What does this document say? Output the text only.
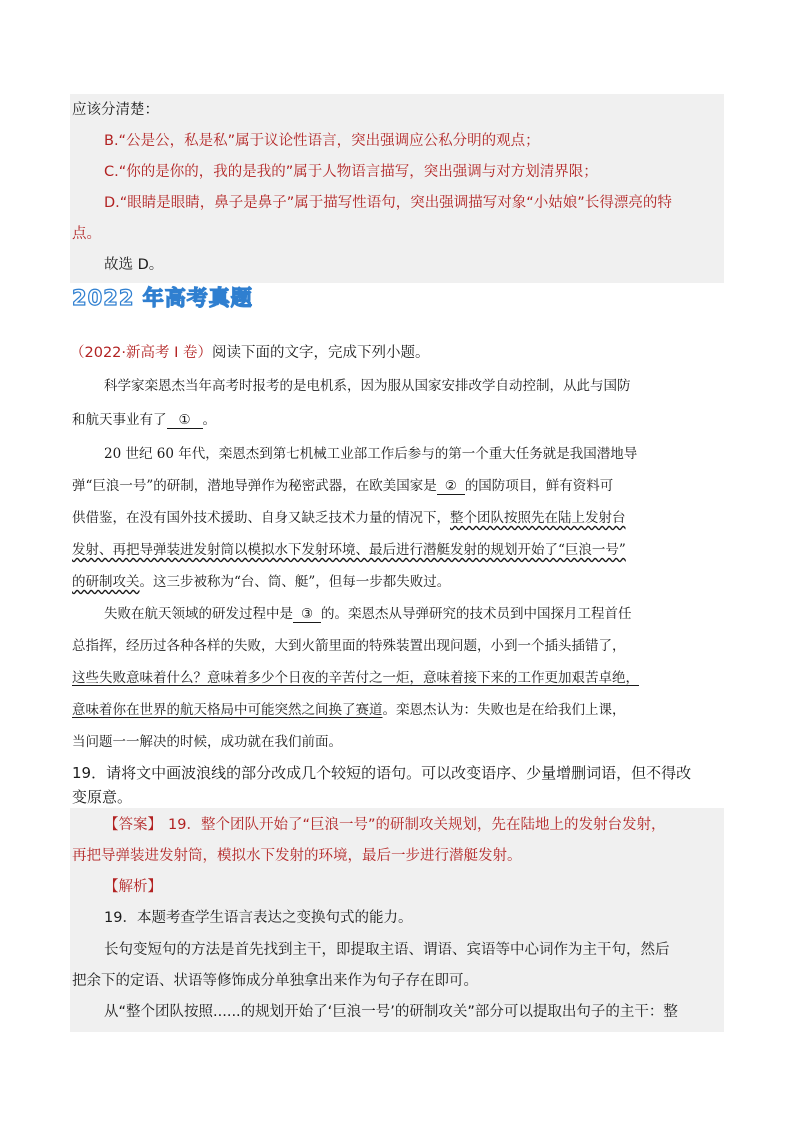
应该分清楚：
B.“公是公，私是私”属于议论性语言，突出强调应公私分明的观点；
C.“你的是你的，我的是我的”属于人物语言描写，突出强调与对方划清界限；
D.“眼睛是眼睛，鼻子是鼻子”属于描写性语句，突出强调描写对象“小姑娘”长得漂亮的特
点。
故选 D。
2022 年高考真题
（2022·新高考 I 卷）阅读下面的文字，完成下列小题。
科学家栾恩杰当年高考时报考的是电机系，因为服从国家安排改学自动控制，从此与国防
和航天事业有了 ① 。
20 世纪 60 年代，栾恩杰到第七机械工业部工作后参与的第一个重大任务就是我国潜地导
弹“巨浪一号”的研制，潜地导弹作为秘密武器，在欧美国家是 ② 的国防项目，鲜有资料可
供借鉴，在没有国外技术援助、自身又缺乏技术力量的情况下，整个团队按照先在陆上发射台
发射、再把导弹装进发射筒以模拟水下发射环境、最后进行潜艇发射的规划开始了“巨浪一号”
的研制攻关。这三步被称为“台、筒、艇”，但每一步都失败过。
失败在航天领域的研发过程中是 ③ 的。栾恩杰从导弹研究的技术员到中国探月工程首任
总指挥，经历过各种各样的失败，大到火箭里面的特殊装置出现问题，小到一个插头插错了，
这些失败意味着什么？意味着多少个日夜的辛苦付之一炬，意味着接下来的工作更加艰苦卓绝，
意味着你在世界的航天格局中可能突然之间换了赛道。栾恩杰认为：失败也是在给我们上课，
当问题一一解决的时候，成功就在我们前面。
19．请将文中画波浪线的部分改成几个较短的语句。可以改变语序、少量增删词语，但不得改
变原意。
【答案】 19．整个团队开始了“巨浪一号”的研制攻关规划，先在陆地上的发射台发射，
再把导弹装进发射筒，模拟水下发射的环境，最后一步进行潜艇发射。
【解析】
19．本题考查学生语言表达之变换句式的能力。
长句变短句的方法是首先找到主干，即提取主语、谓语、宾语等中心词作为主干句，然后
把余下的定语、状语等修饰成分单独拿出来作为句子存在即可。
从“整个团队按照......的规划开始了‘巨浪一号’的研制攻关”部分可以提取出句子的主干：整
